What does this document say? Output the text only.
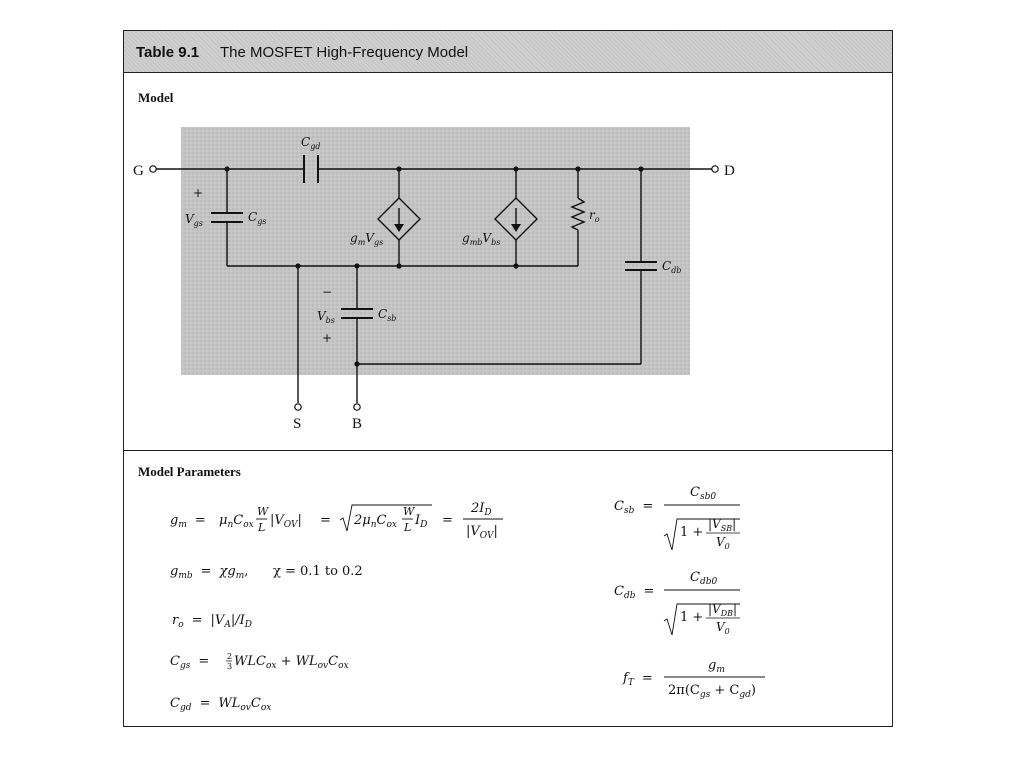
Table 9.1 The MOSFET High-Frequency Model
Model
Model Parameters
G	D
S	B
$C_{gd}$
$C_{gs}$
$V_{gs}$
+
$g_mV_{gs}$	$g_{mb}V_{bs}$
$r_o$
$C_{db}$
$V_{bs}$	$C_{sb}$
−
+
$g_m = \mu_nC_{ox}$
W
L $|V_{OV}| = 2\mu_nC_{ox}$
W
L $I_D$ =
$2I_D$
$|V_{OV}|$
$g_{mb} = \chi g_m$, χ = 0.1 to 0.2
$r_o = |V_A|/I_D$
$C_{gs} = 2$
3 $WLC_{ox} + WL_{ov}C_{ox}$
$C_{gd} = WL_{ov}C_{ox}$
$C_{sb}$ =
$C_{sb0}$
1 +
$|V_{SB}|$
$V_0$
$C_{db}$ =
$C_{db0}$
1 +
$|V_{DB}|$
$V_0$
$f_T$ =
$g_m$
$2\pi(C_{gs} + C_{gd})$
